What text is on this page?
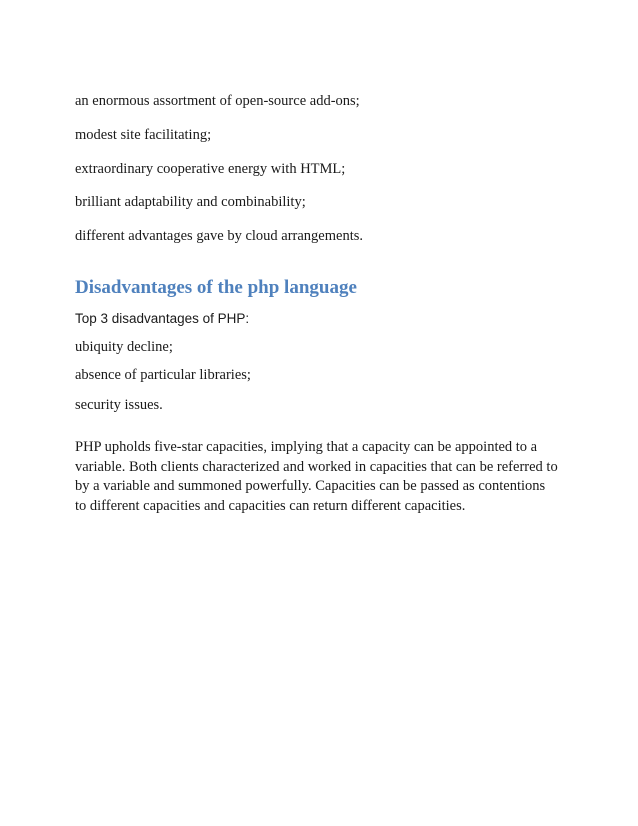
an enormous assortment of open-source add-ons;
modest site facilitating;
extraordinary cooperative energy with HTML;
brilliant adaptability and combinability;
different advantages gave by cloud arrangements.
Disadvantages of the php language
Top 3 disadvantages of PHP:
ubiquity decline;
absence of particular libraries;
security issues.
PHP upholds five-star capacities, implying that a capacity can be appointed to a
variable. Both clients characterized and worked in capacities that can be referred to
by a variable and summoned powerfully. Capacities can be passed as contentions
to different capacities and capacities can return different capacities.
